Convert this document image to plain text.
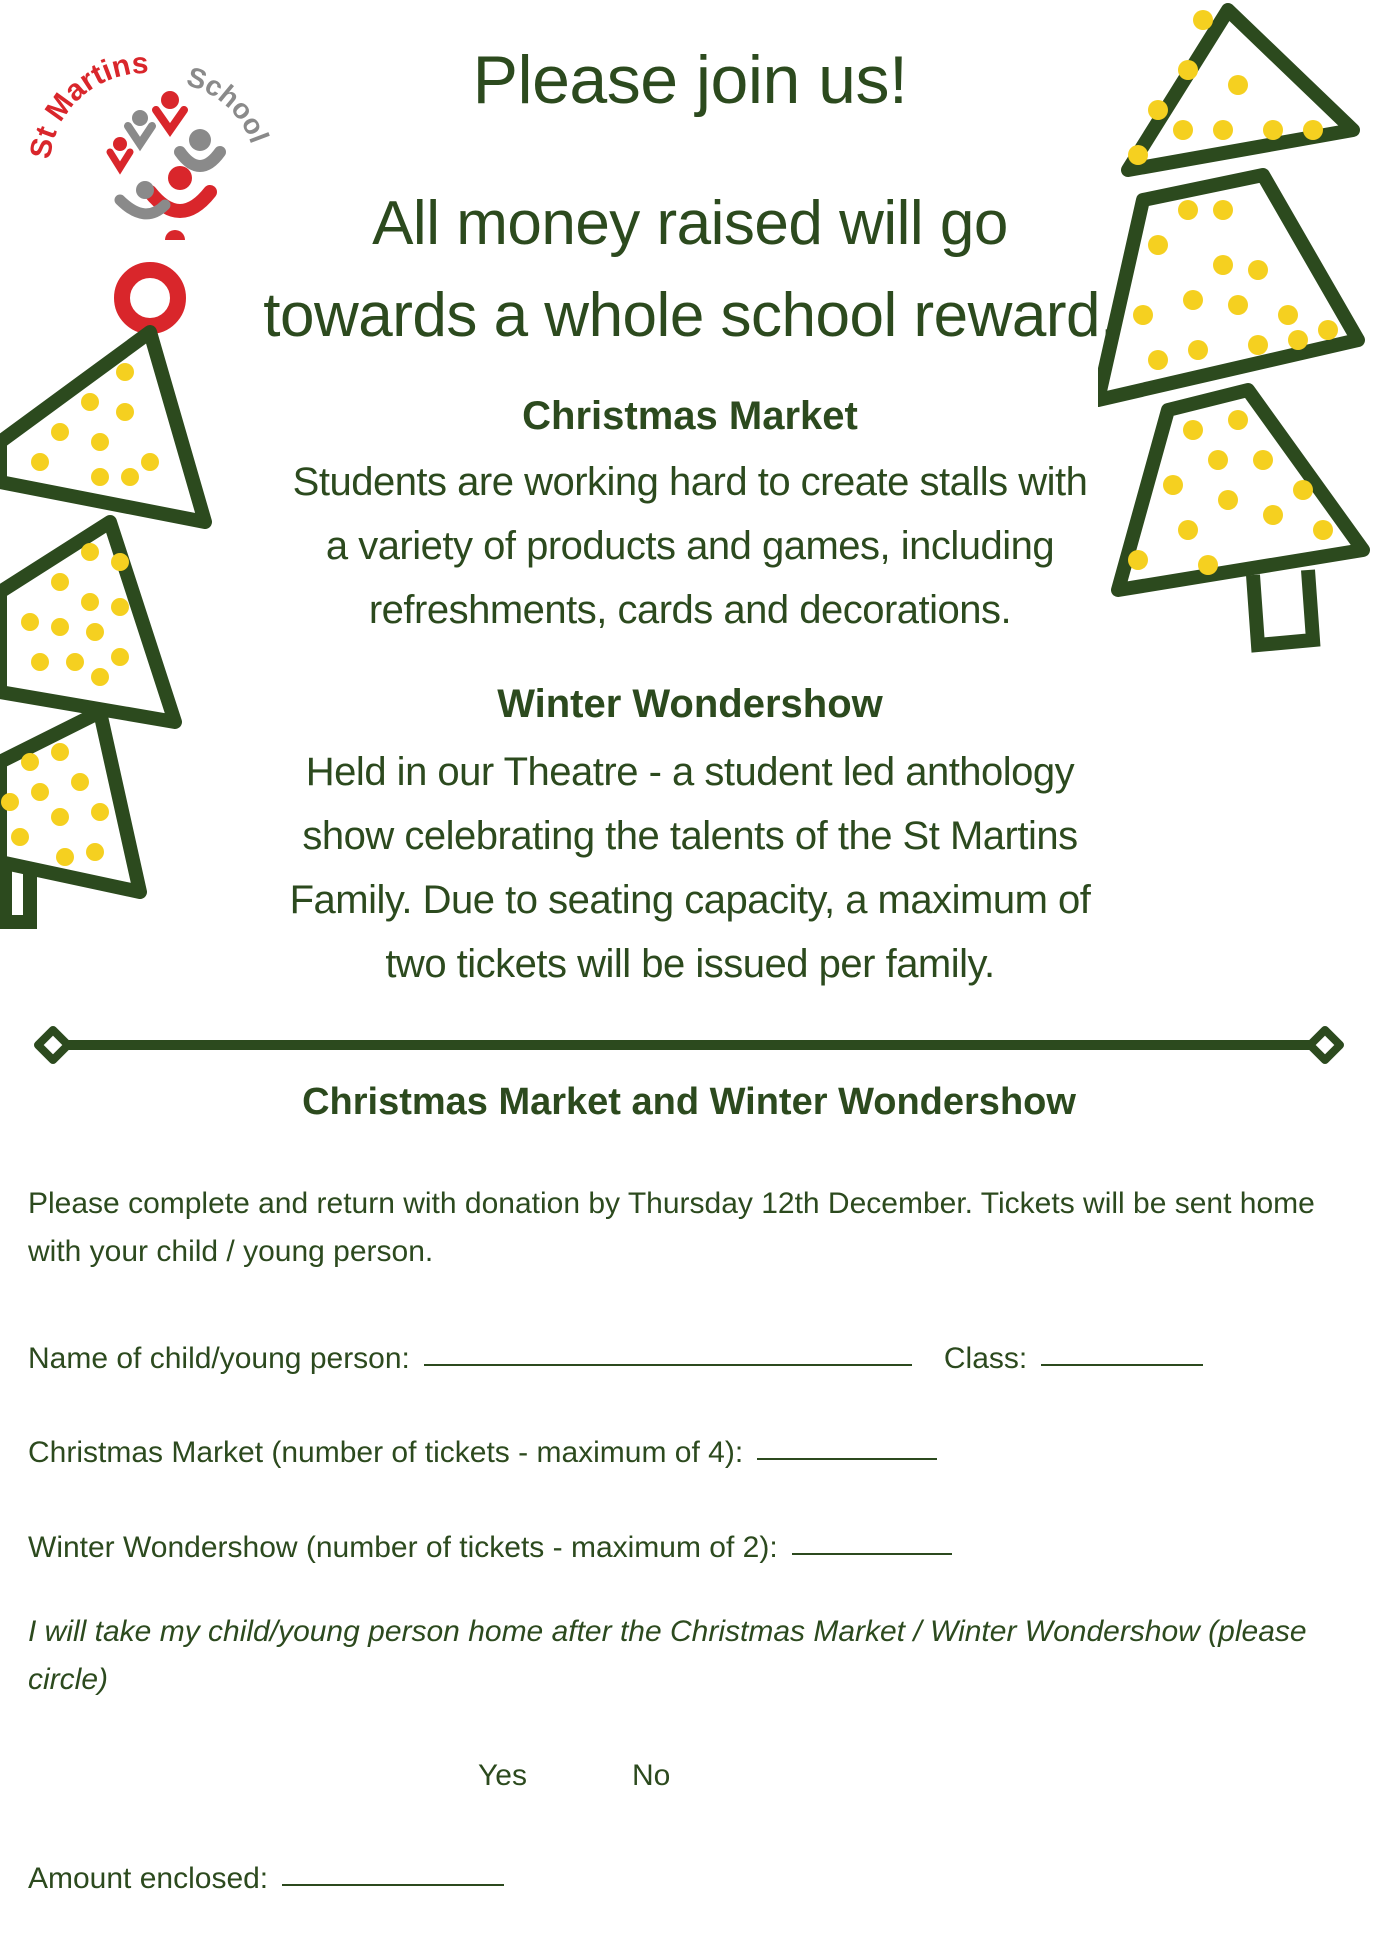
St Martins Schoo
Please join us!
All money raised will go
towards a whole school reward.
Christmas Market
Students are working hard to create stalls with
a variety of products and games, including
refreshments, cards and decorations.
Winter Wondershow
Held in our Theatre - a student led anthology
show celebrating the talents of the St Martins
Family. Due to seating capacity, a maximum of
two tickets will be issued per family.
Christmas Market and Winter Wondershow
Please complete and return with donation by Thursday 12th December. Tickets will be sent home with your child / young person.
Name of child/young person:	Class:
Christmas Market (number of tickets - maximum of 4):
Winter Wondershow (number of tickets - maximum of 2):
I will take my child/young person home after the Christmas Market / Winter Wondershow (please circle)
Yes	No
Amount enclosed:
